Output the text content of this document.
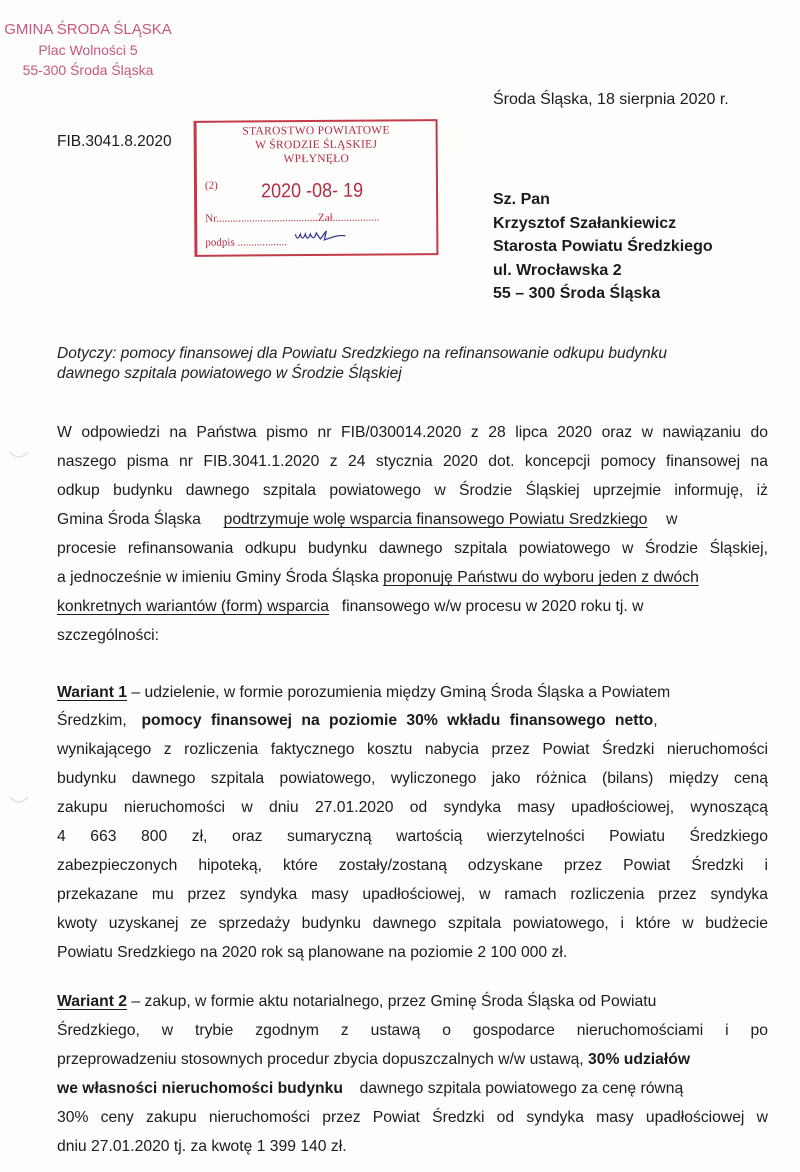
GMINA ŚRODA ŚLĄSKA
Plac Wolności 5
55-300 Środa Śląska
Środa Śląska, 18 sierpnia 2020 r.
FIB.3041.8.2020
STAROSTWO POWIATOWE
W ŚRODZIE ŚLĄSKIEJ
WPŁYNĘŁO
(2) 2020 -08- 19
Nr.....................................Zał.................
podpis ..................
Sz. Pan
Krzysztof Szałankiewicz
Starosta Powiatu Średzkiego
ul. Wrocławska 2
55 – 300 Środa Śląska
Dotyczy: pomocy finansowej dla Powiatu Sredzkiego na refinansowanie odkupu budynku
dawnego szpitala powiatowego w Środzie Śląskiej
W odpowiedzi na Państwa pismo nr FIB/030014.2020 z 28 lipca 2020 oraz w nawiązaniu do
naszego pisma nr FIB.3041.1.2020 z 24 stycznia 2020 dot. koncepcji pomocy finansowej na
odkup budynku dawnego szpitala powiatowego w Środzie Śląskiej uprzejmie informuję, iż
Gmina Środa Śląska podtrzymuje wolę wsparcia finansowego Powiatu Sredzkiego w
procesie refinansowania odkupu budynku dawnego szpitala powiatowego w Środzie Śląskiej,
a jednocześnie w imieniu Gminy Środa Śląska proponuję Państwu do wyboru jeden z dwóch
konkretnych wariantów (form) wsparcia finansowego w/w procesu w 2020 roku tj. w
szczególności:
Wariant 1 – udzielenie, w formie porozumienia między Gminą Środa Śląska a Powiatem
Średzkim, pomocy finansowej na poziomie 30% wkładu finansowego netto,
wynikającego z rozliczenia faktycznego kosztu nabycia przez Powiat Średzki nieruchomości
budynku dawnego szpitala powiatowego, wyliczonego jako różnica (bilans) między ceną
zakupu nieruchomości w dniu 27.01.2020 od syndyka masy upadłościowej, wynoszącą
4 663 800 zł, oraz sumaryczną wartością wierzytelności Powiatu Średzkiego
zabezpieczonych hipoteką, które zostały/zostaną odzyskane przez Powiat Średzki i
przekazane mu przez syndyka masy upadłościowej, w ramach rozliczenia przez syndyka
kwoty uzyskanej ze sprzedaży budynku dawnego szpitala powiatowego, i które w budżecie
Powiatu Sredzkiego na 2020 rok są planowane na poziomie 2 100 000 zł.
Wariant 2 – zakup, w formie aktu notarialnego, przez Gminę Środa Śląska od Powiatu
Średzkiego, w trybie zgodnym z ustawą o gospodarce nieruchomościami i po
przeprowadzeniu stosownych procedur zbycia dopuszczalnych w/w ustawą, 30% udziałów
we własności nieruchomości budynku dawnego szpitala powiatowego za cenę równą
30% ceny zakupu nieruchomości przez Powiat Średzki od syndyka masy upadłościowej w
dniu 27.01.2020 tj. za kwotę 1 399 140 zł.
